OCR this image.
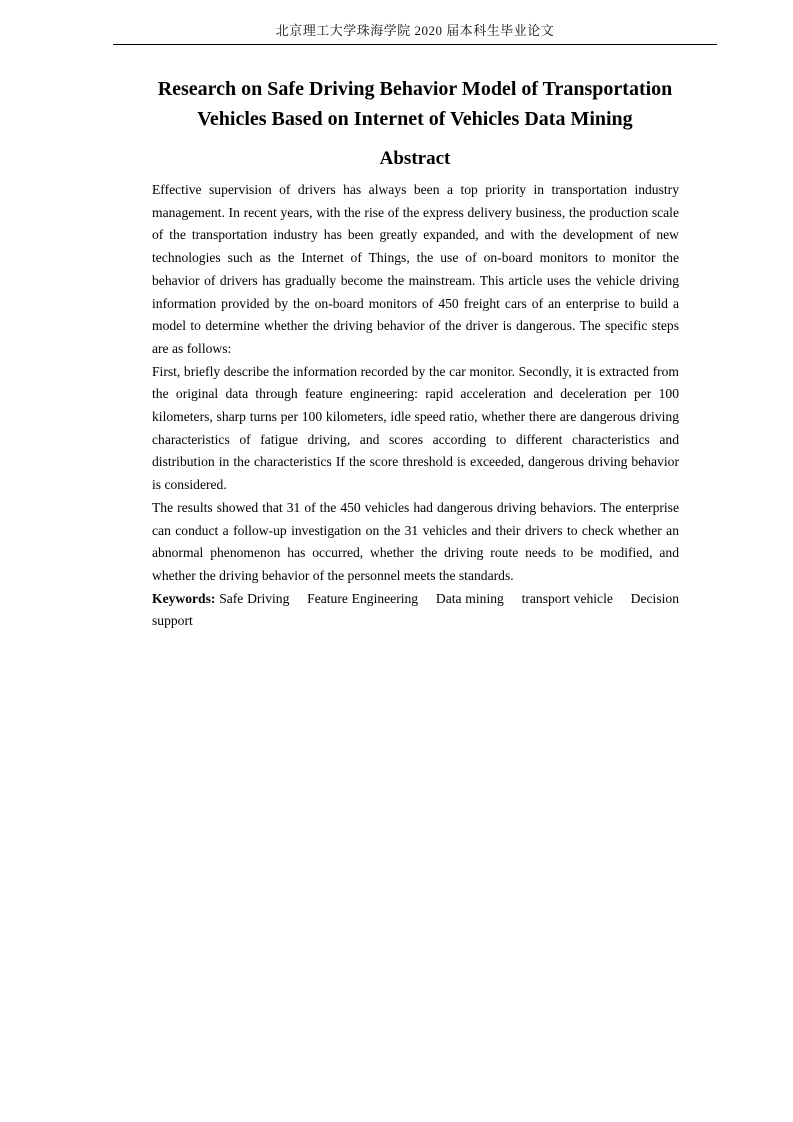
北京理工大学珠海学院 2020 届本科生毕业论文
Research on Safe Driving Behavior Model of Transportation
Vehicles Based on Internet of Vehicles Data Mining
Abstract

Effective supervision of drivers has always been a top priority in transportation industry management. In recent years, with the rise of the express delivery business, the production scale of the transportation industry has been greatly expanded, and with the development of new technologies such as the Internet of Things, the use of on-board monitors to monitor the behavior of drivers has gradually become the mainstream. This article uses the vehicle driving information provided by the on-board monitors of 450 freight cars of an enterprise to build a model to determine whether the driving behavior of the driver is dangerous. The specific steps are as follows:

First, briefly describe the information recorded by the car monitor. Secondly, it is extracted from the original data through feature engineering: rapid acceleration and deceleration per 100 kilometers, sharp turns per 100 kilometers, idle speed ratio, whether there are dangerous driving characteristics of fatigue driving, and scores according to different characteristics and distribution in the characteristics If the score threshold is exceeded, dangerous driving behavior is considered.

The results showed that 31 of the 450 vehicles had dangerous driving behaviors. The enterprise can conduct a follow-up investigation on the 31 vehicles and their drivers to check whether an abnormal phenomenon has occurred, whether the driving route needs to be modified, and whether the driving behavior of the personnel meets the standards.

Keywords: Safe Driving Feature Engineering Data mining transport vehicle Decision support
